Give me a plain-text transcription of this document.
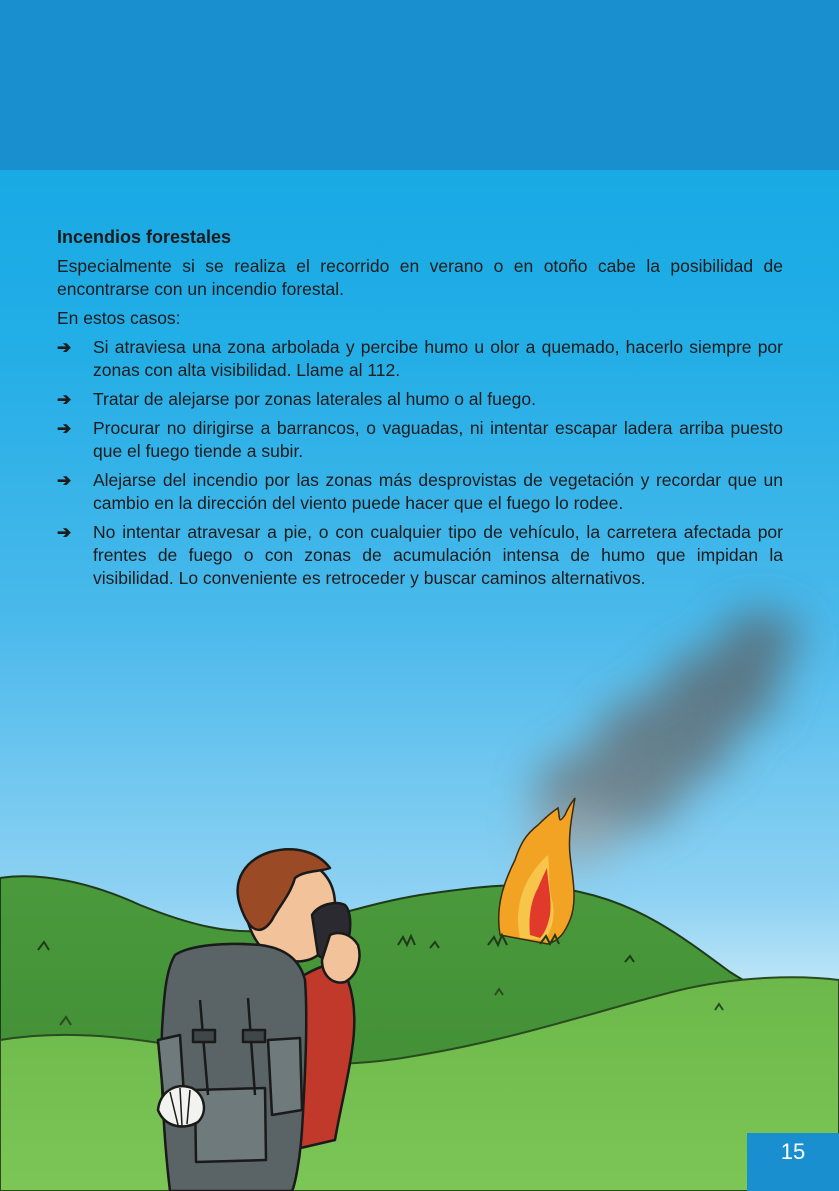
Incendios forestales

Especialmente si se realiza el recorrido en verano o en otoño cabe la posibilidad de encontrarse con un incendio forestal.

En estos casos:

➔ Si atraviesa una zona arbolada y percibe humo u olor a quemado, hacerlo siempre por zonas con alta visibilidad. Llame al 112.
➔ Tratar de alejarse por zonas laterales al humo o al fuego.
➔ Procurar no dirigirse a barrancos, o vaguadas, ni intentar escapar ladera arriba puesto que el fuego tiende a subir.
➔ Alejarse del incendio por las zonas más desprovistas de vegetación y recordar que un cambio en la dirección del viento puede hacer que el fuego lo rodee.
➔ No intentar atravesar a pie, o con cualquier tipo de vehículo, la carretera afectada por frentes de fuego o con zonas de acumulación intensa de humo que impidan la visibilidad. Lo conveniente es retroceder y buscar caminos alternativos.
15
